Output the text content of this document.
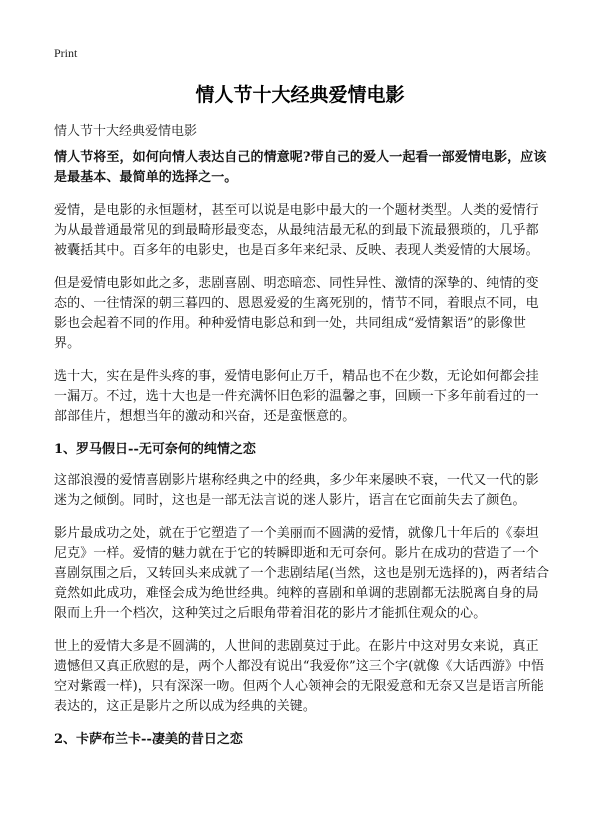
Print
情人节十大经典爱情电影
情人节十大经典爱情电影

情人节将至，如何向情人表达自己的情意呢?带自己的爱人一起看一部爱情电影，应该是最基本、最简单的选择之一。

爱情，是电影的永恒题材，甚至可以说是电影中最大的一个题材类型。人类的爱情行为从最普通最常见的到最畸形最变态，从最纯洁最无私的到最下流最猥琐的，几乎都被囊括其中。百多年的电影史，也是百多年来纪录、反映、表现人类爱情的大展场。

但是爱情电影如此之多，悲剧喜剧、明恋暗恋、同性异性、激情的深挚的、纯情的变态的、一往情深的朝三暮四的、恩恩爱爱的生离死别的，情节不同，着眼点不同，电影也会起着不同的作用。种种爱情电影总和到一处，共同组成“爱情絮语”的影像世界。

选十大，实在是件头疼的事，爱情电影何止万千，精品也不在少数，无论如何都会挂一漏万。不过，选十大也是一件充满怀旧色彩的温馨之事，回顾一下多年前看过的一部部佳片，想想当年的激动和兴奋，还是蛮惬意的。

1、罗马假日--无可奈何的纯情之恋

这部浪漫的爱情喜剧影片堪称经典之中的经典，多少年来屡映不衰，一代又一代的影迷为之倾倒。同时，这也是一部无法言说的迷人影片，语言在它面前失去了颜色。

影片最成功之处，就在于它塑造了一个美丽而不圆满的爱情，就像几十年后的《泰坦尼克》一样。爱情的魅力就在于它的转瞬即逝和无可奈何。影片在成功的营造了一个喜剧氛围之后，又转回头来成就了一个悲剧结尾(当然，这也是别无选择的)，两者结合竟然如此成功，难怪会成为绝世经典。纯粹的喜剧和单调的悲剧都无法脱离自身的局限而上升一个档次，这种笑过之后眼角带着泪花的影片才能抓住观众的心。

世上的爱情大多是不圆满的，人世间的悲剧莫过于此。在影片中这对男女来说，真正遗憾但又真正欣慰的是，两个人都没有说出“我爱你”这三个字(就像《大话西游》中悟空对紫霞一样)，只有深深一吻。但两个人心领神会的无限爱意和无奈又岂是语言所能表达的，这正是影片之所以成为经典的关键。

2、卡萨布兰卡--凄美的昔日之恋
